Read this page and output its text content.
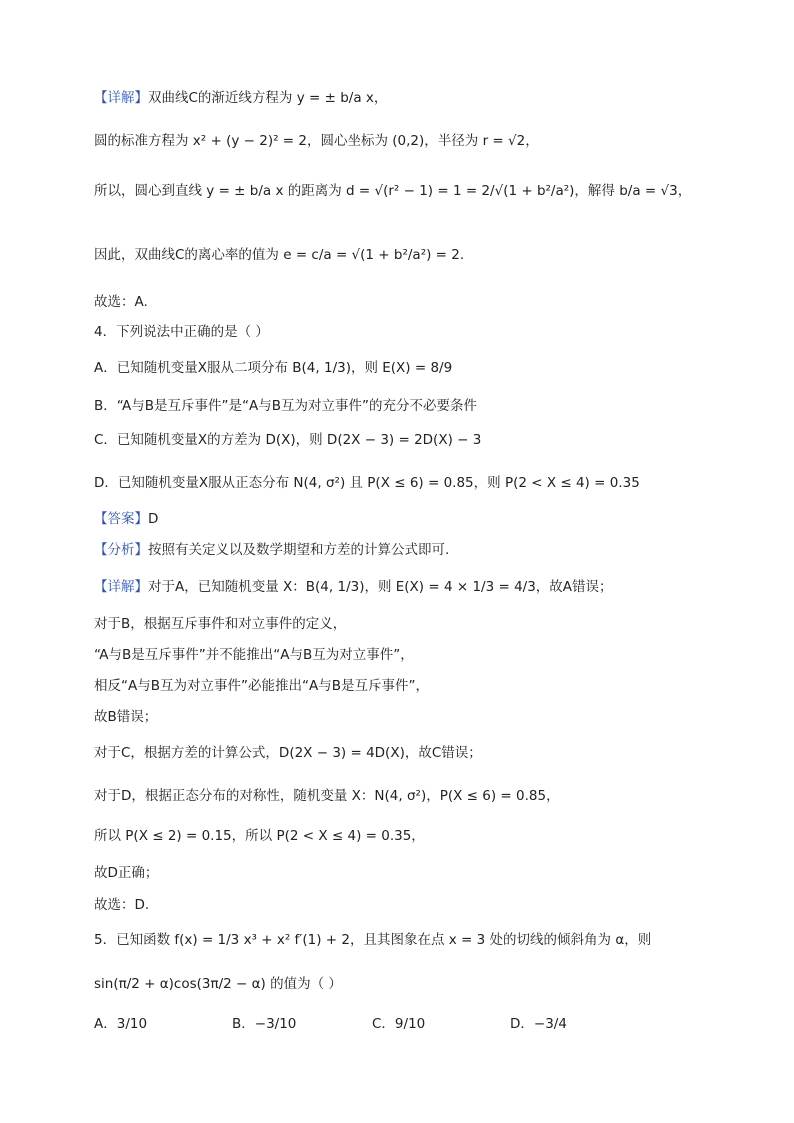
【详解】双曲线C的渐近线方程为 y = ± b/a x，
圆的标准方程为 x² + (y − 2)² = 2，圆心坐标为 (0,2)，半径为 r = √2，
所以，圆心到直线 y = ± b/a x 的距离为 d = √(r² − 1) = 1 = 2/√(1 + b²/a²)，解得 b/a = √3，
因此，双曲线C的离心率的值为 e = c/a = √(1 + b²/a²) = 2.
故选：A.
4．下列说法中正确的是（ ）
A．已知随机变量X服从二项分布 B(4, 1/3)，则 E(X) = 8/9
B．“A与B是互斥事件”是“A与B互为对立事件”的充分不必要条件
C．已知随机变量X的方差为 D(X)，则 D(2X − 3) = 2D(X) − 3
D．已知随机变量X服从正态分布 N(4, σ²) 且 P(X ≤ 6) = 0.85，则 P(2 < X ≤ 4) = 0.35
【答案】D
【分析】按照有关定义以及数学期望和方差的计算公式即可.
【详解】对于A，已知随机变量 X：B(4, 1/3)，则 E(X) = 4 × 1/3 = 4/3，故A错误；
对于B，根据互斥事件和对立事件的定义，
“A与B是互斥事件”并不能推出“A与B互为对立事件”，
相反“A与B互为对立事件”必能推出“A与B是互斥事件”，
故B错误；
对于C，根据方差的计算公式，D(2X − 3) = 4D(X)，故C错误；
对于D，根据正态分布的对称性，随机变量 X：N(4, σ²)，P(X ≤ 6) = 0.85，
所以 P(X ≤ 2) = 0.15，所以 P(2 < X ≤ 4) = 0.35，
故D正确；
故选：D.
5．已知函数 f(x) = 1/3 x³ + x² f′(1) + 2，且其图象在点 x = 3 处的切线的倾斜角为 α，则
sin(π/2 + α)cos(3π/2 − α) 的值为（ ）
A．3/10	B．−3/10	C．9/10	D．−3/4
